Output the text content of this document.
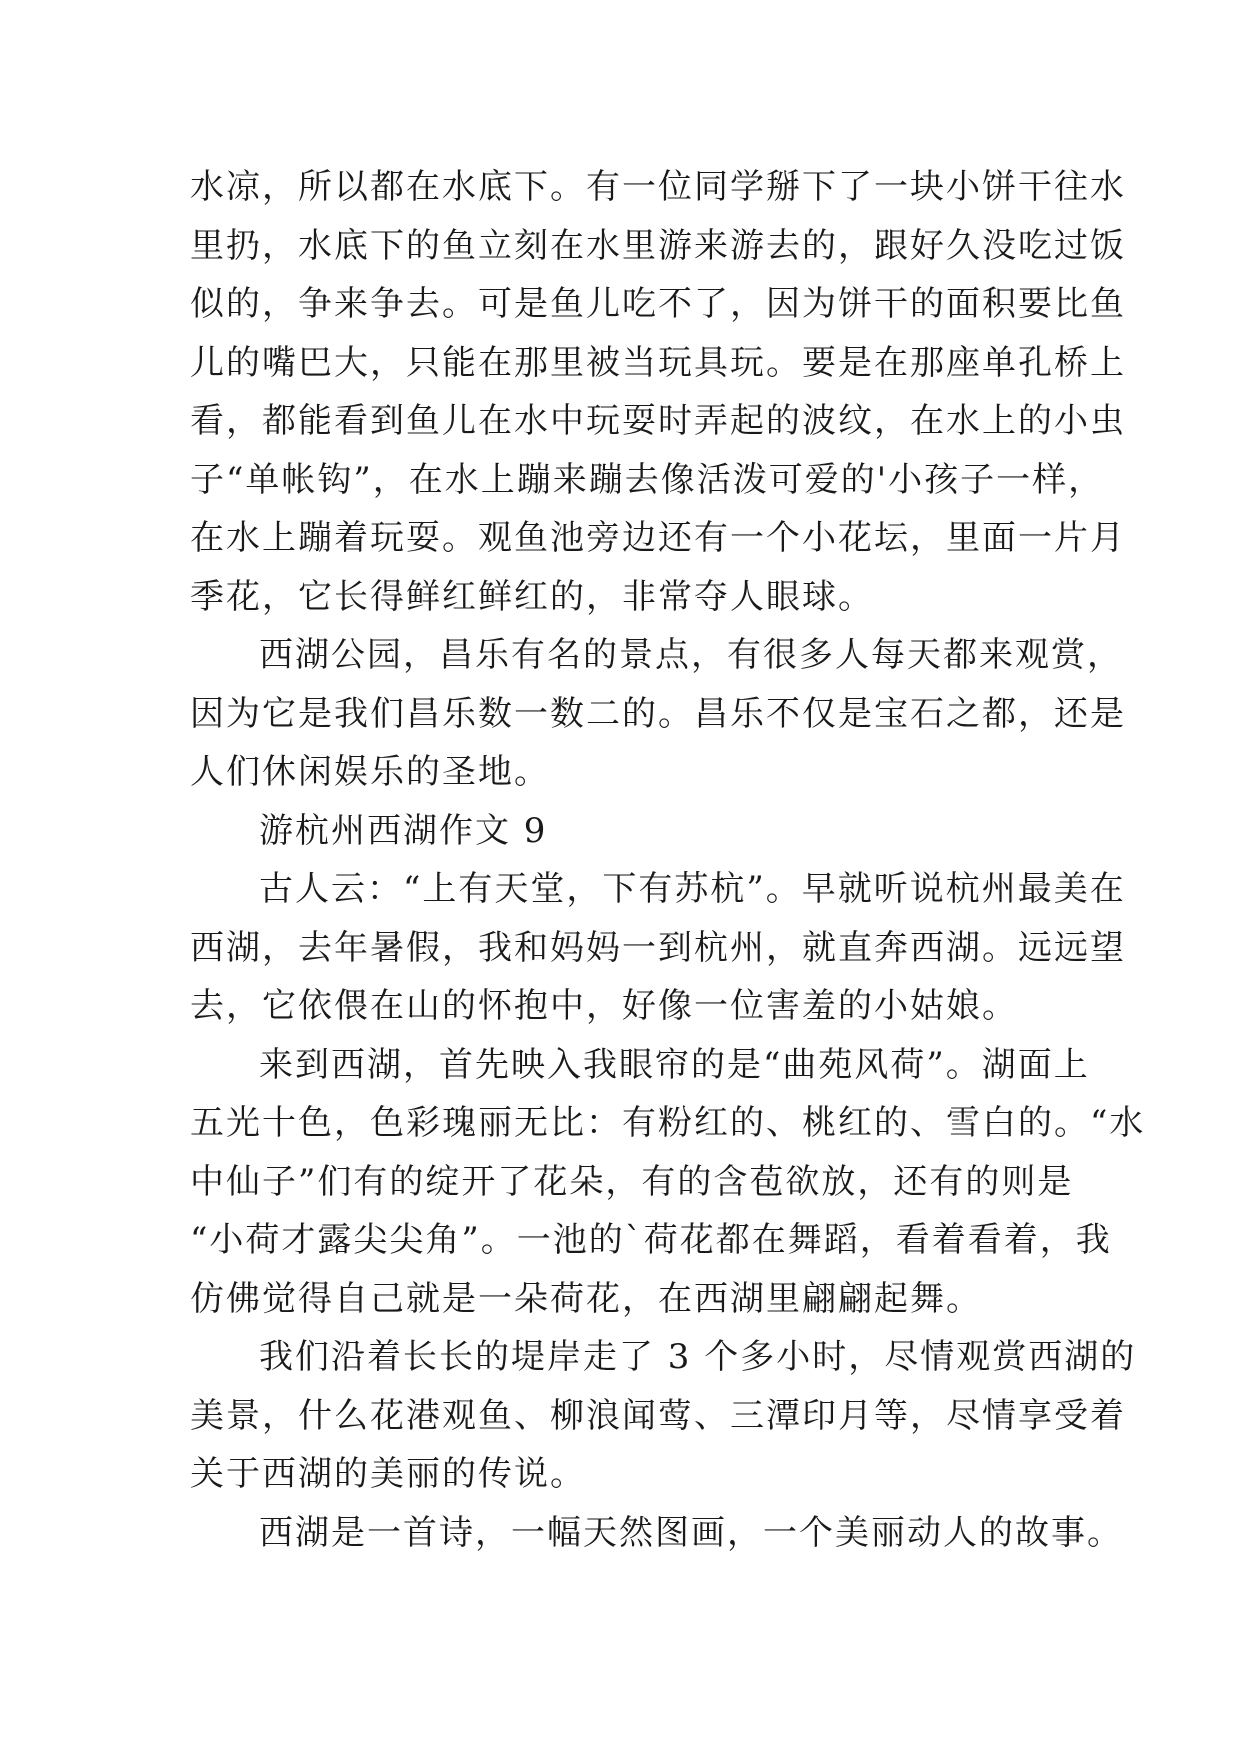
水凉，所以都在水底下。有一位同学掰下了一块小饼干往水
里扔，水底下的鱼立刻在水里游来游去的，跟好久没吃过饭
似的，争来争去。可是鱼儿吃不了，因为饼干的面积要比鱼
儿的嘴巴大，只能在那里被当玩具玩。要是在那座单孔桥上
看，都能看到鱼儿在水中玩耍时弄起的波纹，在水上的小虫
子“单帐钩”，在水上蹦来蹦去像活泼可爱的'小孩子一样，
在水上蹦着玩耍。观鱼池旁边还有一个小花坛，里面一片月
季花，它长得鲜红鲜红的，非常夺人眼球。
西湖公园，昌乐有名的景点，有很多人每天都来观赏，
因为它是我们昌乐数一数二的。昌乐不仅是宝石之都，还是
人们休闲娱乐的圣地。
游杭州西湖作文 9
古人云：“上有天堂，下有苏杭”。早就听说杭州最美在
西湖，去年暑假，我和妈妈一到杭州，就直奔西湖。远远望
去，它依偎在山的怀抱中，好像一位害羞的小姑娘。
来到西湖，首先映入我眼帘的是“曲苑风荷”。湖面上
五光十色，色彩瑰丽无比：有粉红的、桃红的、雪白的。“水
中仙子”们有的绽开了花朵，有的含苞欲放，还有的则是
“小荷才露尖尖角”。一池的`荷花都在舞蹈，看着看着，我
仿佛觉得自己就是一朵荷花，在西湖里翩翩起舞。
我们沿着长长的堤岸走了 3 个多小时，尽情观赏西湖的
美景，什么花港观鱼、柳浪闻莺、三潭印月等，尽情享受着
关于西湖的美丽的传说。
西湖是一首诗，一幅天然图画，一个美丽动人的故事。
